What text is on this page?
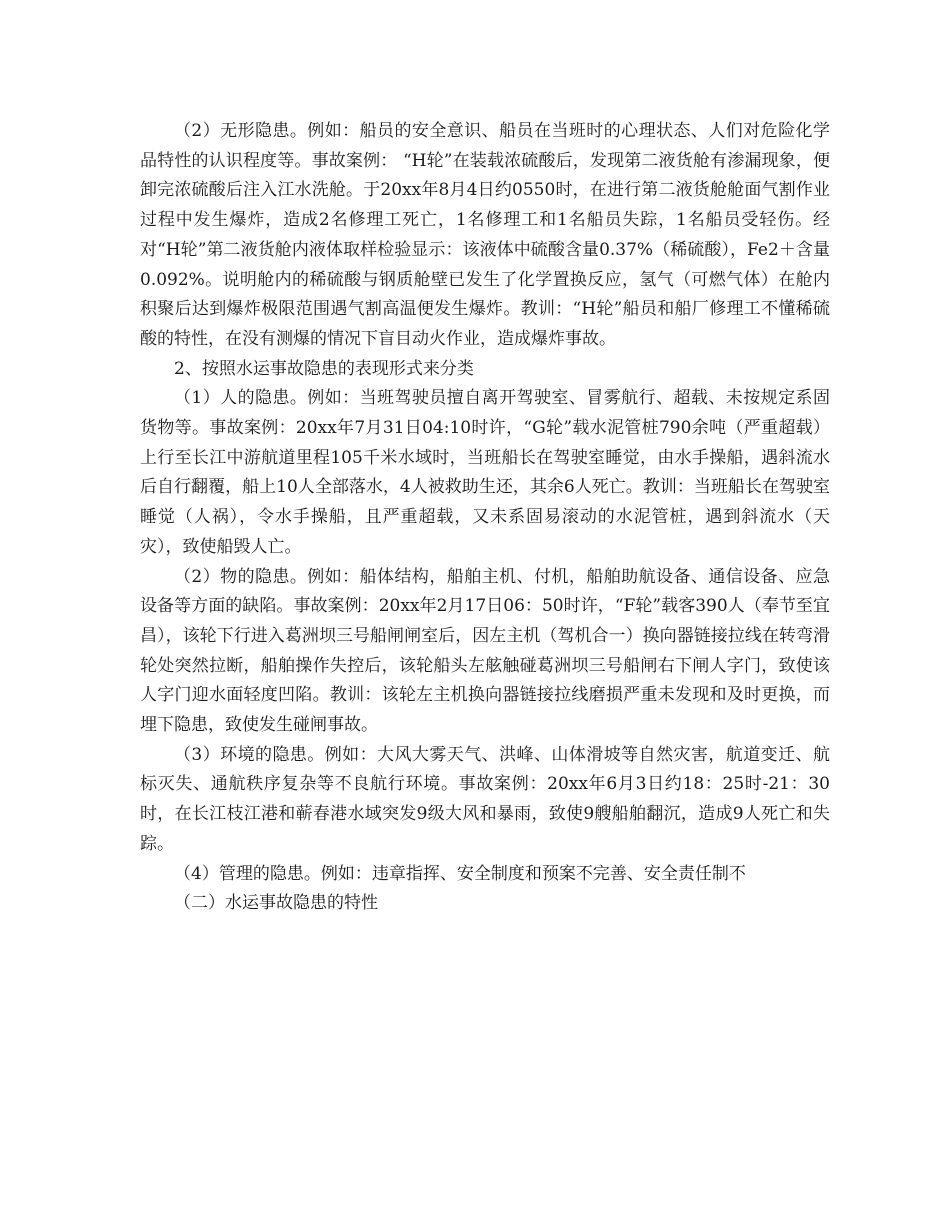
（2）无形隐患。例如：船员的安全意识、船员在当班时的心理状态、人们对危险化学品特性的认识程度等。事故案例： “H轮”在装载浓硫酸后，发现第二液货舱有渗漏现象，便卸完浓硫酸后注入江水洗舱。于20xx年8月4日约0550时，在进行第二液货舱舱面气割作业过程中发生爆炸，造成2名修理工死亡，1名修理工和1名船员失踪，1名船员受轻伤。经对“H轮”第二液货舱内液体取样检验显示：该液体中硫酸含量0.37%（稀硫酸），Fe2＋含量0.092%。说明舱内的稀硫酸与钢质舱壁已发生了化学置换反应，氢气（可燃气体）在舱内积聚后达到爆炸极限范围遇气割高温便发生爆炸。教训：“H轮”船员和船厂修理工不懂稀硫酸的特性，在没有测爆的情况下盲目动火作业，造成爆炸事故。

2、按照水运事故隐患的表现形式来分类

（1）人的隐患。例如：当班驾驶员擅自离开驾驶室、冒雾航行、超载、未按规定系固货物等。事故案例：20xx年7月31日04:10时许，“G轮”载水泥管桩790余吨（严重超载）上行至长江中游航道里程105千米水域时，当班船长在驾驶室睡觉，由水手操船，遇斜流水后自行翻覆，船上10人全部落水，4人被救助生还，其余6人死亡。教训：当班船长在驾驶室睡觉（人祸），令水手操船，且严重超载，又未系固易滚动的水泥管桩，遇到斜流水（天灾），致使船毁人亡。

（2）物的隐患。例如：船体结构，船舶主机、付机，船舶助航设备、通信设备、应急设备等方面的缺陷。事故案例：20xx年2月17日06：50时许，“F轮”载客390人（奉节至宜昌），该轮下行进入葛洲坝三号船闸闸室后，因左主机（驾机合一）换向器链接拉线在转弯滑轮处突然拉断，船舶操作失控后，该轮船头左舷触碰葛洲坝三号船闸右下闸人字门，致使该人字门迎水面轻度凹陷。教训：该轮左主机换向器链接拉线磨损严重未发现和及时更换，而埋下隐患，致使发生碰闸事故。

（3）环境的隐患。例如：大风大雾天气、洪峰、山体滑坡等自然灾害，航道变迁、航标灭失、通航秩序复杂等不良航行环境。事故案例：20xx年6月3日约18：25时-21：30时，在长江枝江港和蕲春港水域突发9级大风和暴雨，致使9艘船舶翻沉，造成9人死亡和失踪。

（4）管理的隐患。例如：违章指挥、安全制度和预案不完善、安全责任制不

（二）水运事故隐患的特性
